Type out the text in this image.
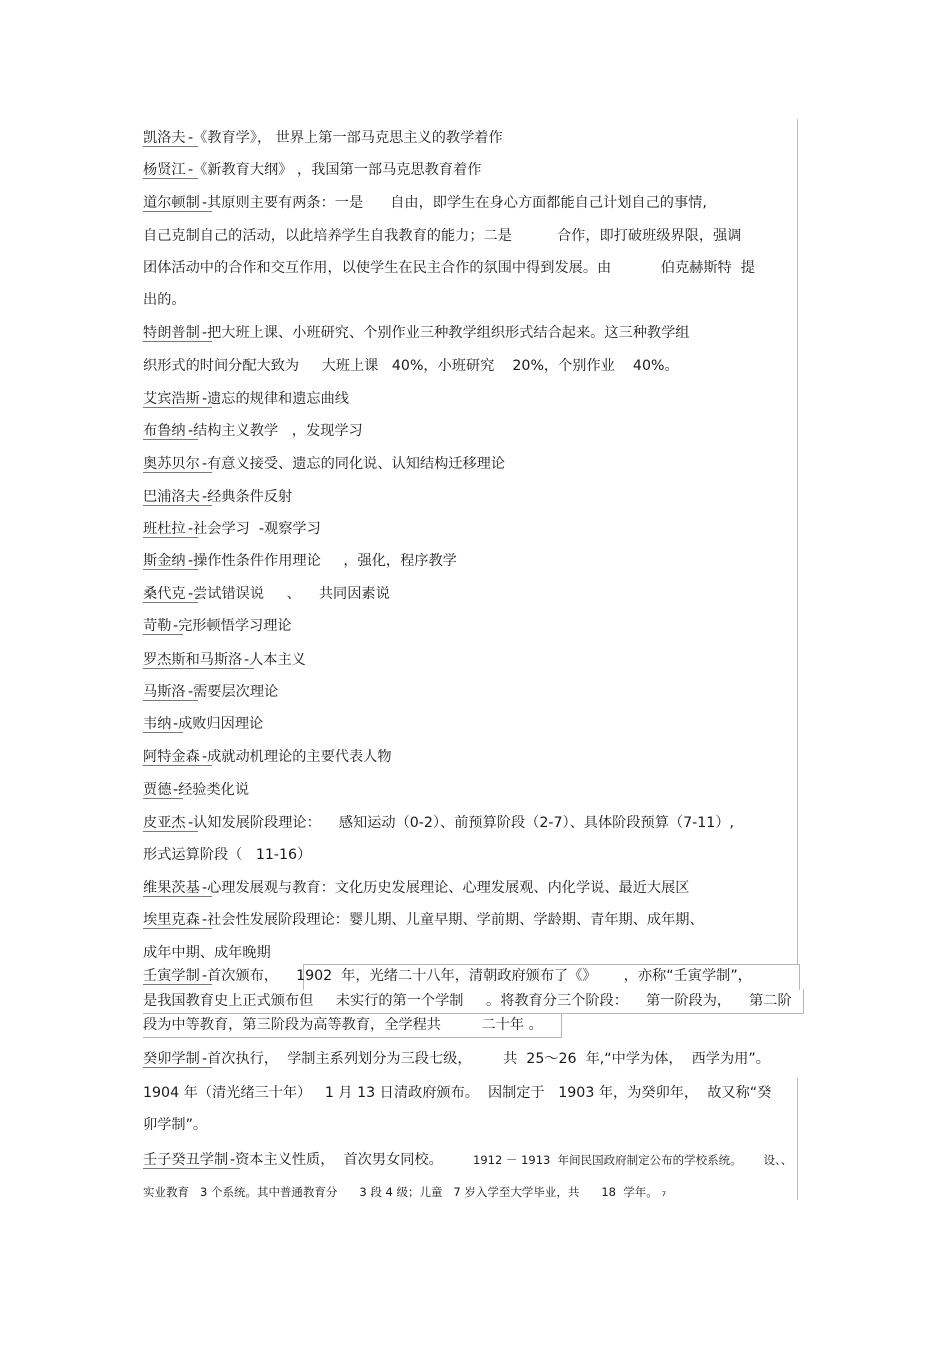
凯洛夫 -《教育学》， 世界上第一部马克思主义的教学着作
杨贤江 -《新教育大纲》 ，我国第一部马克思教育着作
道尔顿制 -其原则主要有两条：一是      自由，即学生在身心方面都能自己计划自己的事情,
自己克制自己的活动，以此培养学生自我教育的能力；二是          合作，即打破班级界限，强调
团体活动中的合作和交互作用，以使学生在民主合作的氛围中得到发展。由           伯克赫斯特  提
出的。
特朗普制 -把大班上课、小班研究、个别作业三种教学组织形式结合起来。这三种教学组
织形式的时间分配大致为     大班上课   40%，小班研究    20%，个别作业    40%。
艾宾浩斯 -遗忘的规律和遗忘曲线
布鲁纳 -结构主义教学   ，发现学习
奥苏贝尔 -有意义接受、遗忘的同化说、认知结构迁移理论
巴浦洛夫 -经典条件反射
班杜拉 -社会学习  -观察学习
斯金纳 -操作性条件作用理论     ，强化，程序教学
桑代克 -尝试错误说     、    共同因素说
苛勒 -完形顿悟学习理论
罗杰斯和马斯洛 -人本主义
马斯洛 -需要层次理论
韦纳 -成败归因理论
阿特金森 -成就动机理论的主要代表人物
贾德 -经验类化说
皮亚杰 -认知发展阶段理论：    感知运动（0-2）、前预算阶段（2-7）、具体阶段预算（7-11）,
形式运算阶段（   11-16）
维果茨基 -心理发展观与教育：文化历史发展理论、心理发展观、内化学说、最近大展区
埃里克森 -社会性发展阶段理论：婴儿期、儿童早期、学前期、学龄期、青年期、成年期、
成年中期、成年晚期
壬寅学制 -首次颁布，    1902  年，光绪二十八年，清朝政府颁布了《》      ，亦称“壬寅学制”，
是我国教育史上正式颁布但     未实行的第一个学制     。将教育分三个阶段：    第一阶段为，    第二阶
段为中等教育，第三阶段为高等教育，全学程共         二十年 。
癸卯学制 -首次执行，  学制主系列划分为三段七级，       共  25～26  年,“中学为体，  西学为用”。
1904 年（清光绪三十年）   1 月 13 日清政府颁布。  因制定于   1903 年，为癸卯年，  故又称“癸
卯学制”。
壬子癸丑学制 -资本主义性质，  首次男女同校。	1912 － 1913  年间民国政府制定公布的学校系统。      设、、
实业教育   3 个系统。其中普通教育分      3 段 4 级；儿童   7 岁入学至大学毕业，共      18  学年。 ₇
